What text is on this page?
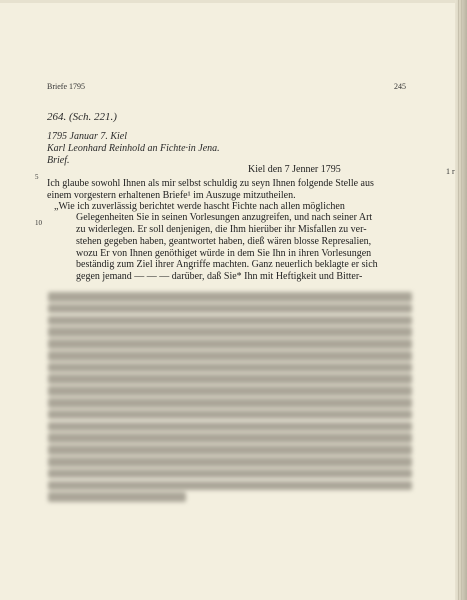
Briefe 1795	245
264. (Sch. 221.)
1795 Januar 7. Kiel
Karl Leonhard Reinhold an Fichte·in Jena.
Brief.
5
10
1 r
Kiel den 7 Jenner 1795
Ich glaube sowohl Ihnen als mir selbst schuldig zu seyn Ihnen folgende Stelle aus
einem vorgestern erhaltenen Briefe¹ im Auszuge mitzutheilen.
„Wie ich zuverlässig berichtet werde hascht Fichte nach allen möglichen
Gelegenheiten Sie in seinen Vorlesungen anzugreifen, und nach seiner Art
zu widerlegen. Er soll denjenigen, die Ihm hierüber ihr Misfallen zu ver-
stehen gegeben haben, geantwortet haben, dieß wären blosse Represalien,
wozu Er von Ihnen genöthiget würde in dem Sie Ihn in ihren Vorlesungen
beständig zum Ziel ihrer Angriffe machten. Ganz neuerlich beklagte er sich
gegen jemand — — — darüber, daß Sie* Ihn mit Heftigkeit und Bitter-
